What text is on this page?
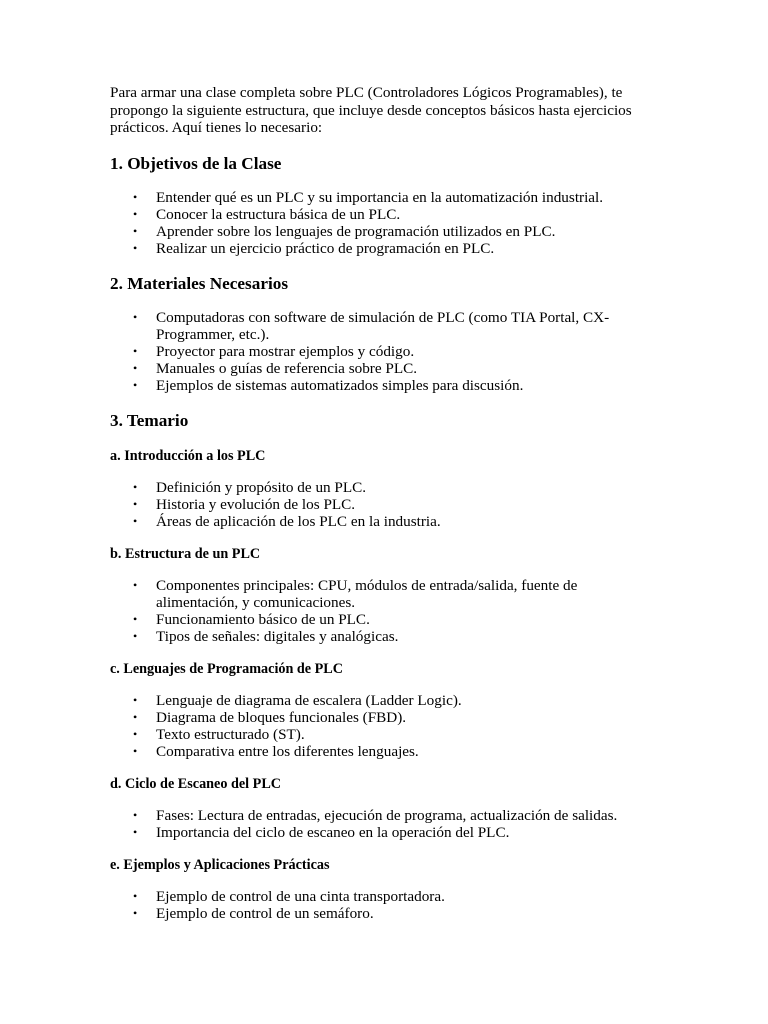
Para armar una clase completa sobre PLC (Controladores Lógicos Programables), te propongo la siguiente estructura, que incluye desde conceptos básicos hasta ejercicios prácticos. Aquí tienes lo necesario:

1. Objetivos de la Clase
• Entender qué es un PLC y su importancia en la automatización industrial.
• Conocer la estructura básica de un PLC.
• Aprender sobre los lenguajes de programación utilizados en PLC.
• Realizar un ejercicio práctico de programación en PLC.
2. Materiales Necesarios
• Computadoras con software de simulación de PLC (como TIA Portal, CX-Programmer, etc.).
• Proyector para mostrar ejemplos y código.
• Manuales o guías de referencia sobre PLC.
• Ejemplos de sistemas automatizados simples para discusión.
3. Temario
a. Introducción a los PLC
• Definición y propósito de un PLC.
• Historia y evolución de los PLC.
• Áreas de aplicación de los PLC en la industria.
b. Estructura de un PLC
• Componentes principales: CPU, módulos de entrada/salida, fuente de alimentación, y comunicaciones.
• Funcionamiento básico de un PLC.
• Tipos de señales: digitales y analógicas.
c. Lenguajes de Programación de PLC
• Lenguaje de diagrama de escalera (Ladder Logic).
• Diagrama de bloques funcionales (FBD).
• Texto estructurado (ST).
• Comparativa entre los diferentes lenguajes.
d. Ciclo de Escaneo del PLC
• Fases: Lectura de entradas, ejecución de programa, actualización de salidas.
• Importancia del ciclo de escaneo en la operación del PLC.
e. Ejemplos y Aplicaciones Prácticas
• Ejemplo de control de una cinta transportadora.
• Ejemplo de control de un semáforo.
